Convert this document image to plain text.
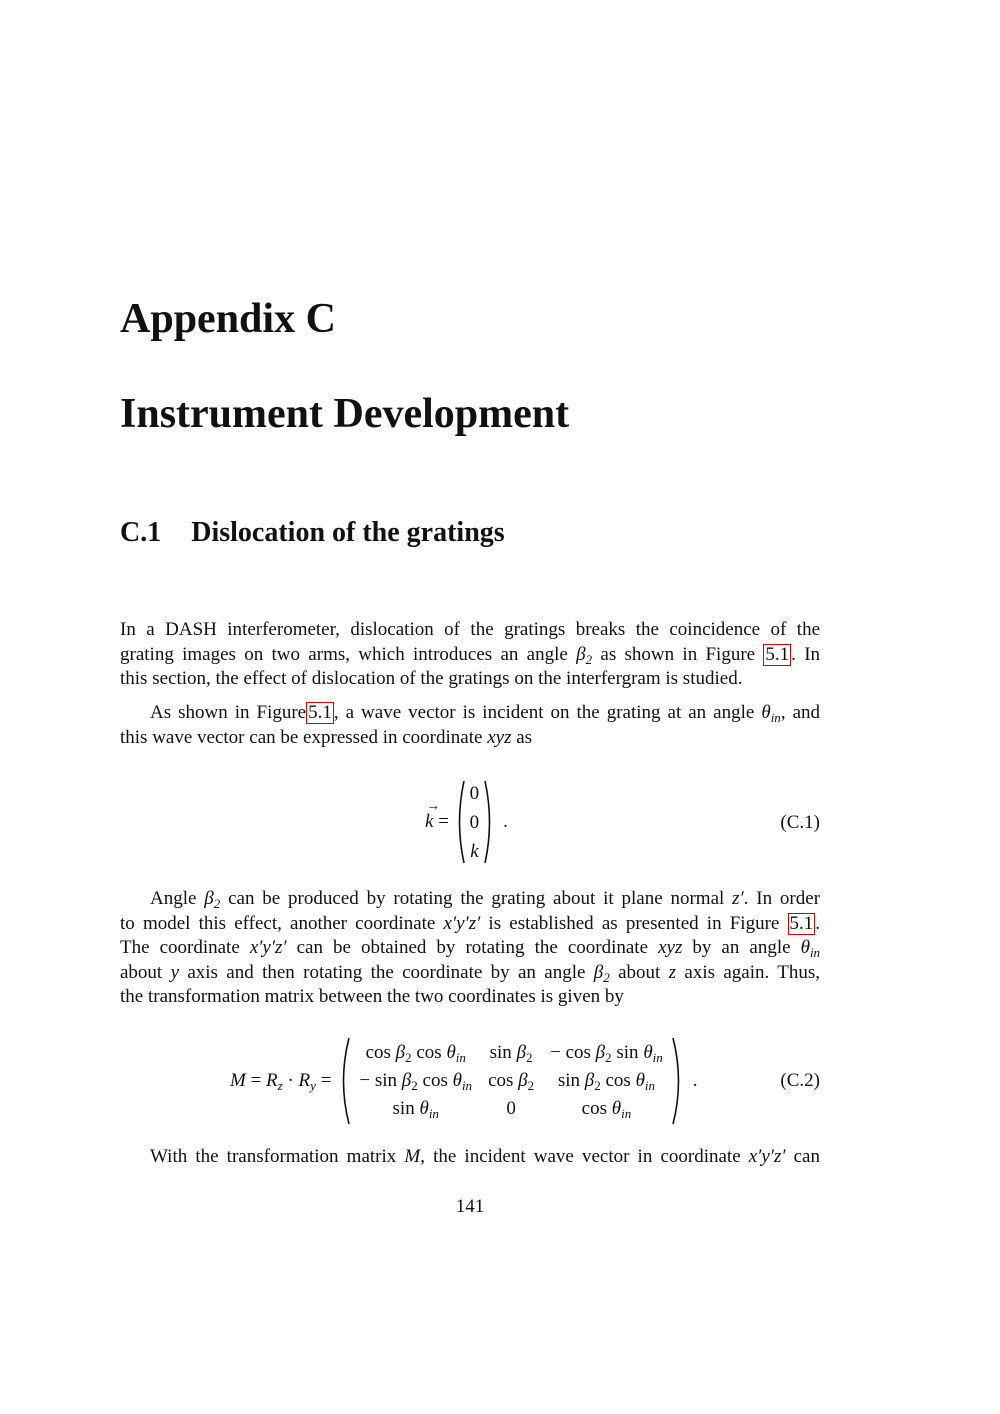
Appendix C
Instrument Development
C.1 Dislocation of the gratings
In a DASH interferometer, dislocation of the gratings breaks the coincidence of the
grating images on two arms, which introduces an angle $\beta_2$ as shown in Figure 5.1 . In
this section, the effect of dislocation of the gratings on the interfergram is studied.
As shown in Figure 5.1 , a wave vector is incident on the grating at an angle $\theta_{in}$, and
this wave vector can be expressed in coordinate xyz as
→
k =
0
0
k
.	(C.1)
Angle $\beta_2$ can be produced by rotating the grating about it plane normal z′. In order
to model this effect, another coordinate x′y′z′ is established as presented in Figure 5.1 .
The coordinate x′y′z′ can be obtained by rotating the coordinate xyz by an angle $\theta_{in}$
about y axis and then rotating the coordinate by an angle $\beta_2$ about z axis again. Thus,
the transformation matrix between the two coordinates is given by
$M = R_z \cdot R_y$ =
$\cos \beta_2$ $\cos \theta_{in}$	$\sin \beta_2$	− $\cos \beta_2$ $\sin \theta_{in}$
− $\sin \beta_2$ $\cos \theta_{in}$	$\cos \beta_2$	$\sin \beta_2$ $\cos \theta_{in}$
$\sin \theta_{in}$	0	$\cos \theta_{in}$
.	(C.2)
With the transformation matrix M, the incident wave vector in coordinate x′y′z′ can
141
